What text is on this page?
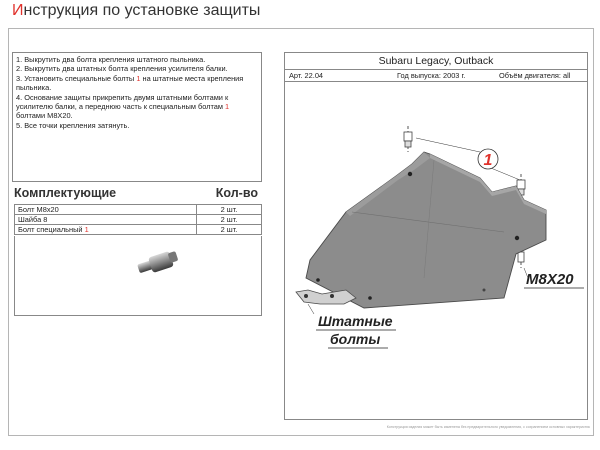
Инструкция по установке защиты
1. Выкрутить два болта крепления штатного пыльника.
2. Выкрутить два штатных болта крепления усилителя балки.
3. Установить специальные болты 1 на штатные места крепления пыльника.
4. Основание защиты прикрепить двумя штатными болтами к усилителю балки, а переднюю часть к специальным болтам 1 болтами M8X20.
5. Все точки крепления затянуть.
Комплектующие	Кол-во
Болт M8x20	2 шт.
Шайба 8	2 шт.
Болт специальный 1	2 шт.
Subaru Legacy, Outback
Арт. 22.04	Год выпуска: 2003 г.	Объём двигателя: all
1
M8X20
Штатные
болты
Конструкция изделия может быть изменена без предварительного уведомления, с сохранением основных характеристик
